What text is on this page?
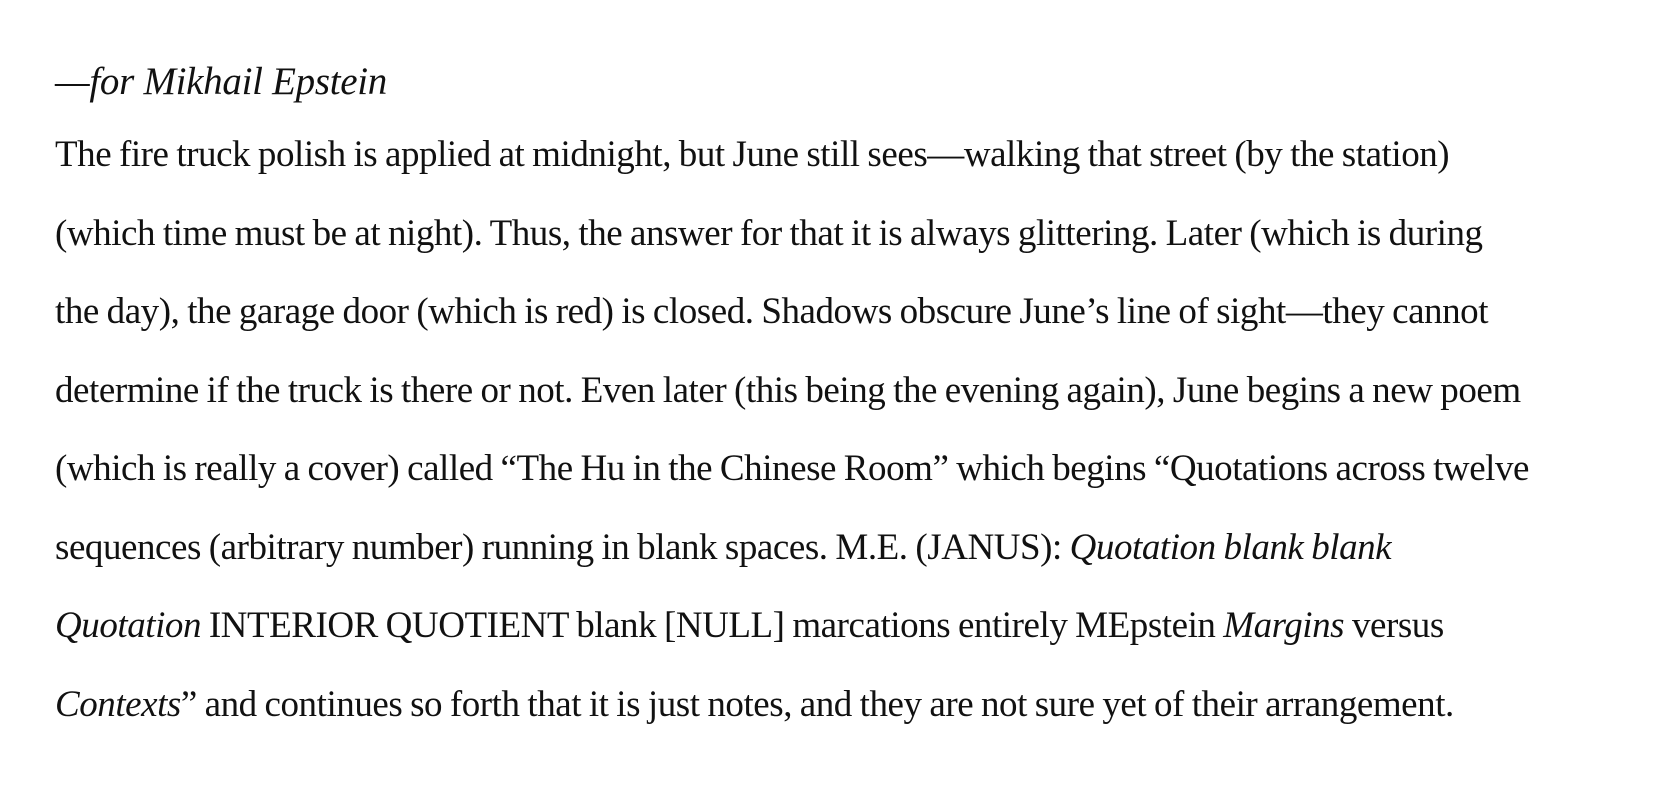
—for Mikhail Epstein

The fire truck polish is applied at midnight, but June still sees—walking that street (by the station)
(which time must be at night). Thus, the answer for that it is always glittering. Later (which is during
the day), the garage door (which is red) is closed. Shadows obscure June’s line of sight—they cannot
determine if the truck is there or not. Even later (this being the evening again), June begins a new poem
(which is really a cover) called “The Hu in the Chinese Room” which begins “Quotations across twelve
sequences (arbitrary number) running in blank spaces. M.E. (JANUS): Quotation blank blank
Quotation INTERIOR QUOTIENT blank [NULL] marcations entirely MEpstein Margins versus
Contexts” and continues so forth that it is just notes, and they are not sure yet of their arrangement.
